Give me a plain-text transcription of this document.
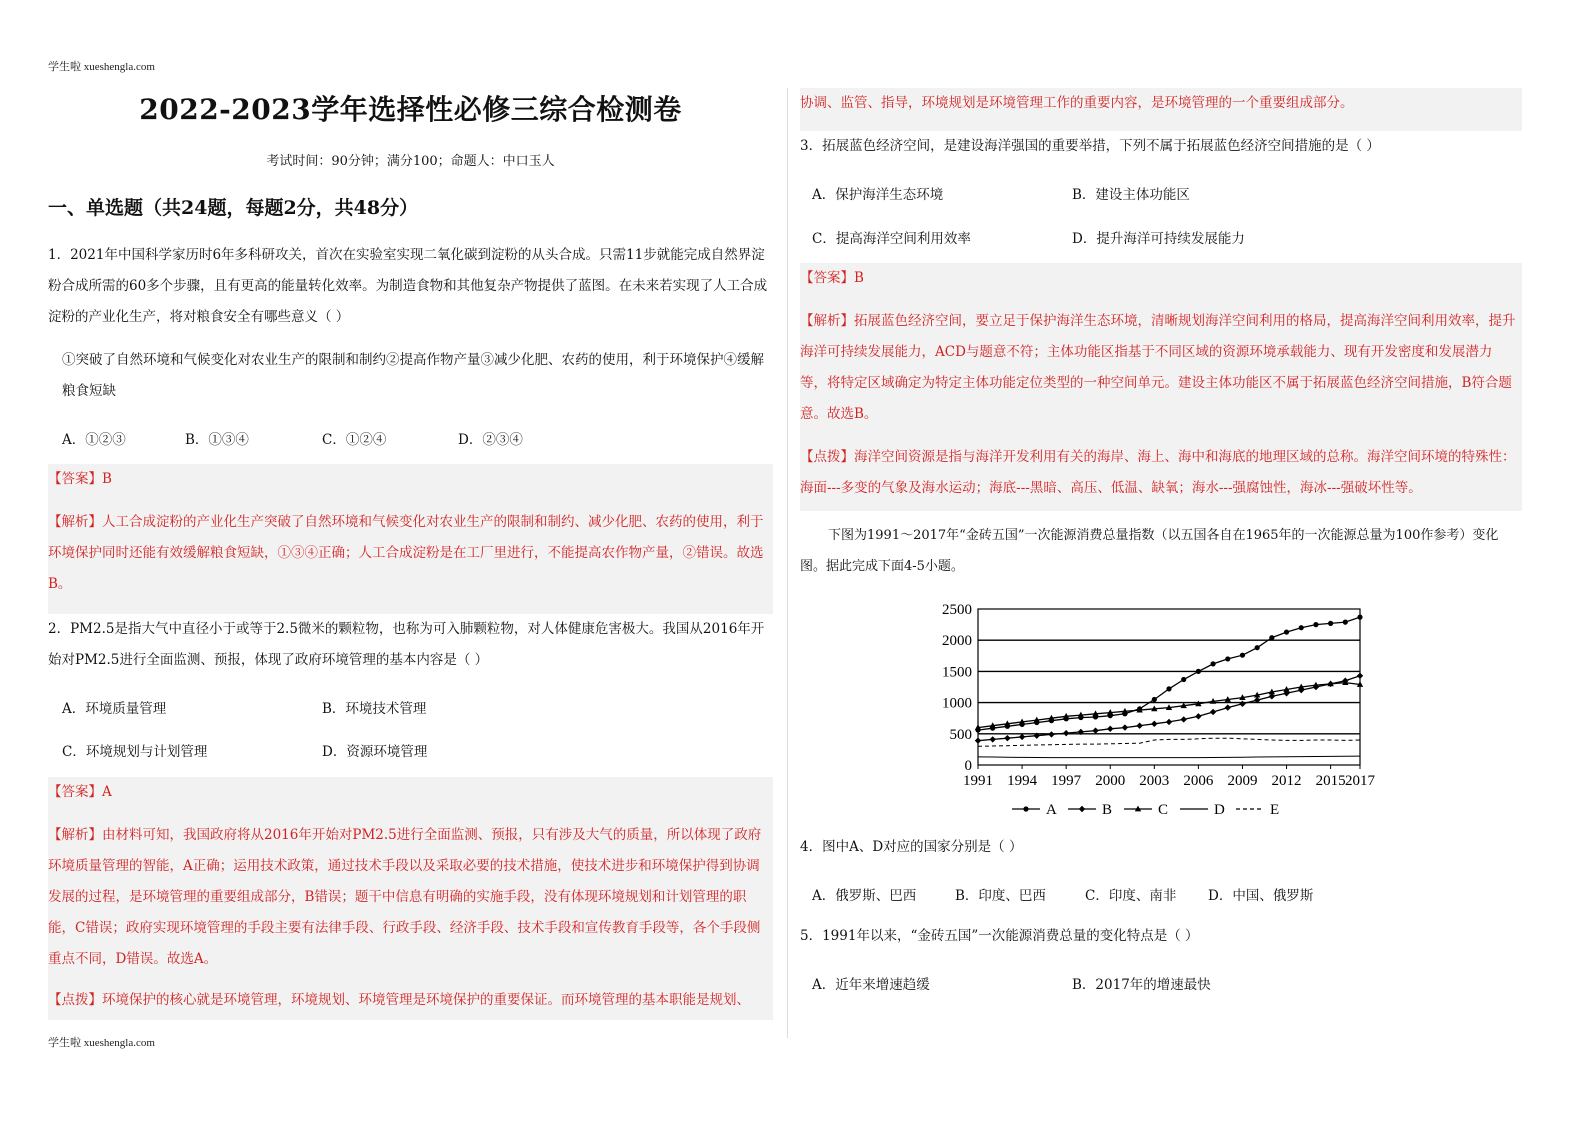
学生啦 xueshengla.com
学生啦 xueshengla.com
2022-2023学年选择性必修三综合检测卷
考试时间：90分钟；满分100；命题人：中口玉人
一、单选题（共24题，每题2分，共48分）
1．2021年中国科学家历时6年多科研攻关，首次在实验室实现二氧化碳到淀粉的从头合成。只需11步就能完成自然界淀粉合成所需的60多个步骤，且有更高的能量转化效率。为制造食物和其他复杂产物提供了蓝图。在未来若实现了人工合成淀粉的产业化生产，将对粮食安全有哪些意义（ ）
①突破了自然环境和气候变化对农业生产的限制和制约②提高作物产量③减少化肥、农药的使用，利于环境保护④缓解粮食短缺
A．①②③	B．①③④	C．①②④	D．②③④
【答案】B
【解析】人工合成淀粉的产业化生产突破了自然环境和气候变化对农业生产的限制和制约、减少化肥、农药的使用，利于环境保护同时还能有效缓解粮食短缺，①③④正确；人工合成淀粉是在工厂里进行，不能提高农作物产量，②错误。故选B。
2．PM2.5是指大气中直径小于或等于2.5微米的颗粒物，也称为可入肺颗粒物，对人体健康危害极大。我国从2016年开始对PM2.5进行全面监测、预报，体现了政府环境管理的基本内容是（ ）
A．环境质量管理	B．环境技术管理
C．环境规划与计划管理	D．资源环境管理
【答案】A
【解析】由材料可知，我国政府将从2016年开始对PM2.5进行全面监测、预报，只有涉及大气的质量，所以体现了政府环境质量管理的智能，A正确；运用技术政策，通过技术手段以及采取必要的技术措施，使技术进步和环境保护得到协调发展的过程，是环境管理的重要组成部分，B错误；题干中信息有明确的实施手段，没有体现环境规划和计划管理的职能，C错误；政府实现环境管理的手段主要有法律手段、行政手段、经济手段、技术手段和宣传教育手段等，各个手段侧重点不同，D错误。故选A。
【点拨】环境保护的核心就是环境管理，环境规划、环境管理是环境保护的重要保证。而环境管理的基本职能是规划、
协调、监管、指导，环境规划是环境管理工作的重要内容，是环境管理的一个重要组成部分。
3．拓展蓝色经济空间，是建设海洋强国的重要举措，下列不属于拓展蓝色经济空间措施的是（ ）
A．保护海洋生态环境	B．建设主体功能区
C．提高海洋空间利用效率	D．提升海洋可持续发展能力
【答案】B
【解析】拓展蓝色经济空间，要立足于保护海洋生态环境，清晰规划海洋空间利用的格局，提高海洋空间利用效率，提升海洋可持续发展能力，ACD与题意不符；主体功能区指基于不同区域的资源环境承载能力、现有开发密度和发展潜力等，将特定区域确定为特定主体功能定位类型的一种空间单元。建设主体功能区不属于拓展蓝色经济空间措施，B符合题意。故选B。
【点拨】海洋空间资源是指与海洋开发利用有关的海岸、海上、海中和海底的地理区域的总称。海洋空间环境的特殊性：海面---多变的气象及海水运动；海底---黑暗、高压、低温、缺氧；海水---强腐蚀性，海冰---强破坏性等。
下图为1991～2017年“金砖五国”一次能源消费总量指数（以五国各自在1965年的一次能源总量为100作参考）变化图。据此完成下面4-5小题。
0
500
1000
1500
2000
2500
1991 1994 1997 2000 2003 2006 2009 2012 2015 2017
A	B	C	D	E
4．图中A、D对应的国家分别是（ ）
A．俄罗斯、巴西	B．印度、巴西	C．印度、南非 D．中国、俄罗斯
5．1991年以来，“金砖五国”一次能源消费总量的变化特点是（ ）
A．近年来增速趋缓	B．2017年的增速最快
